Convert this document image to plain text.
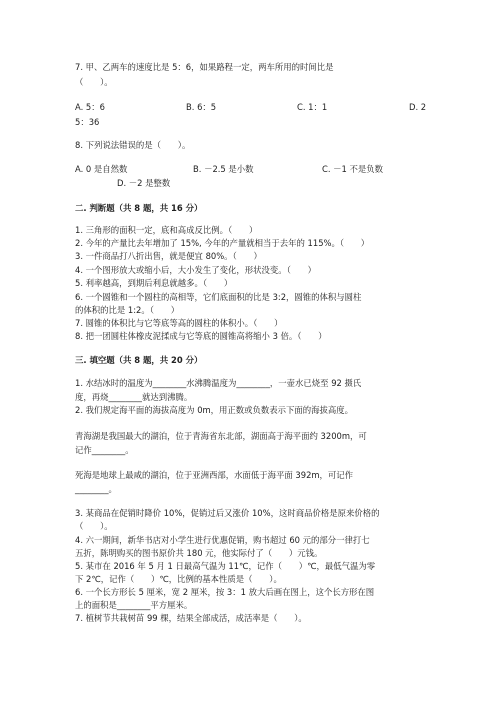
7. 甲、乙两车的速度比是 5：6，如果路程一定，两车所用的时间比是
（　　）。
A. 5：6	B. 6：5	C. 1：1	D. 2
5：36
8. 下列说法错误的是（　　）。
A. 0 是自然数	B. －2.5 是小数	C. －1 不是负数
D. －2 是整数
二. 判断题（共 8 题，共 16 分）
1. 三角形的面积一定，底和高成反比例。（　　）
2. 今年的产量比去年增加了 15%, 今年的产量就相当于去年的 115%。（　　）
3. 一件商品打八折出售，就是便宜 80%。（　　）
4. 一个图形放大或缩小后，大小发生了变化，形状没变。（　　）
5. 利率越高，到期后利息就越多。（　　）
6. 一个圆锥和一个圆柱的高相等，它们底面积的比是 3:2，圆锥的体积与圆柱
的体积的比是 1:2。（　　）
7. 圆锥的体积比与它等底等高的圆柱的体积小。（　　）
8. 把一团圆柱体橡皮泥揉成与它等底的圆锥高将缩小 3 倍。（　　）
三. 填空题（共 8 题，共 20 分）
1. 水结冰时的温度为________水沸腾温度为________，一壶水已烧至 92 摄氏
度，再烧________就达到沸腾。
2. 我们规定海平面的海拔高度为 0m，用正数或负数表示下面的海拔高度。
青海湖是我国最大的湖泊，位于青海省东北部，湖面高于海平面约 3200m，可
记作________。
死海是地球上最咸的湖泊，位于亚洲西部，水面低于海平面 392m，可记作
________。
3. 某商品在促销时降价 10%，促销过后又涨价 10%，这时商品价格是原来价格的
（　　）。
4. 六一期间，新华书店对小学生进行优惠促销，购书超过 60 元的部分一律打七
五折，陈明购买的图书原价共 180 元，他实际付了（　　）元钱。
5. 某市在 2016 年 5 月 1 日最高气温为 11℃，记作（　　）℃，最低气温为零
下 2℃，记作（　　）℃，比例的基本性质是（　　）。
6. 一个长方形长 5 厘米，宽 2 厘米，按 3：1 放大后画在图上，这个长方形在图
上的面积是________平方厘米。
7. 植树节共栽树苗 99 棵，结果全部成活，成活率是（　　）。
